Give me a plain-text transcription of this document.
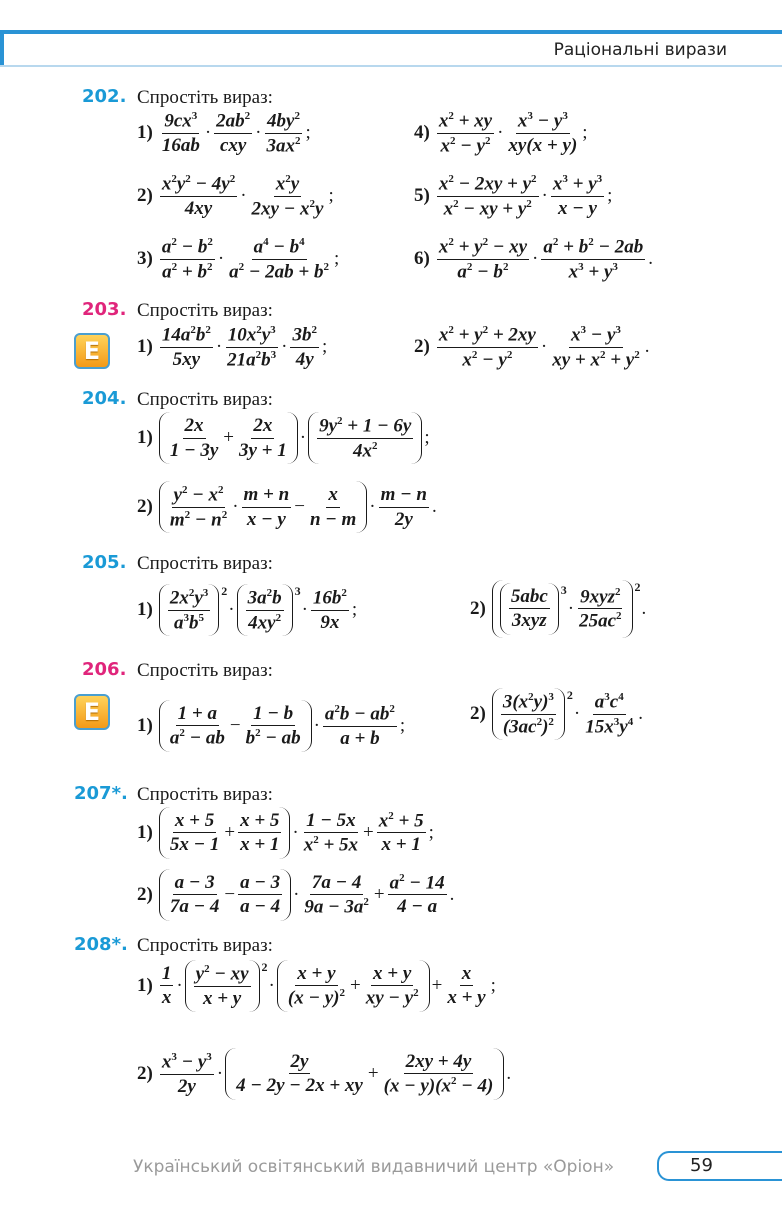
Раціональні вирази
202. Спростіть вираз:
$1) \frac{9cx^3}{16ab} \cdot \frac{2ab^2}{\text{cxy}} \cdot \frac{4by^2}{3ax^2}$ ;	$4) \frac{x^2 + xy}{x^2 - y^2} \cdot \frac{x^3 - y^3}{xy(x + y)}$ ;
$2) \frac{x^2y^2 - 4y^2}{4xy} \cdot \frac{x^2y}{2xy - x^2y}$ ;	$5) \frac{x^2 - 2xy + y^2}{x^2 - xy + y^2} \cdot \frac{x^3 + y^3}{x - y}$ ;
$3) \frac{a^2 - b^2}{a^2 + b^2} \cdot \frac{a^4 - b^4}{a^2 - 2ab + b^2}$ ;	$6) \frac{x^2 + y^2 - xy}{a^2 - b^2} \cdot \frac{a^2 + b^2 - 2ab}{x^3 + y^3}$ .
203. Спростіть вираз:
E	$1) \frac{14a^2b^2}{5xy} \cdot \frac{10x^2y^3}{21a^2b^3} \cdot \frac{3b^2}{4y}$ ;	$2) \frac{x^2 + y^2 + 2xy}{x^2 - y^2} \cdot \frac{x^3 - y^3}{xy + x^2 + y^2}$ .
204. Спростіть вираз:
$1) \frac{2x}{1 - 3y} + \frac{2x}{3y + 1} \cdot \frac{9y^2 + 1 - 6y}{4x^2}$ ;
$2) \frac{y^2 - x^2}{m^2 - n^2} \cdot \frac{m + n}{x - y} - \frac{x}{n - m} \cdot \frac{m - n}{2y}$ .
205. Спростіть вираз:
$1) \frac{2x^2y^3}{a^3b^5} 2$
· $\frac{3a^2b}{4xy^2} 3$
· $\frac{16b^2}{9x}$ ;	$2) \frac{\text{5abc}}{\text{3xyz}} 3$
· $\frac{9xyz^2}{25ac^2} 2$
.
206. Спростіть вираз:
E	$1) \frac{1 + a}{a^2 - ab} - \frac{1 - b}{b^2 - ab} \cdot \frac{a^2b - ab^2}{a + b}$ ;
$2) \frac{3(x^2y)^3}{(3ac^2)^2} 2$
· $\frac{a^3c^4}{15x^3y^4}$ .
207*. Спростіть вираз:
$1) \frac{x + 5}{5x - 1} + \frac{x + 5}{x + 1} \cdot \frac{1 - 5x}{x^2 + 5x} + \frac{x^2 + 5}{x + 1}$ ;
$2) \frac{a - 3}{7a - 4} - \frac{a - 3}{a - 4} \cdot \frac{7a - 4}{9a - 3a^2} + \frac{a^2 - 14}{4 - a}$ .
208*. Спростіть вираз:
$1) \frac{1}{x} \cdot \frac{y^2 - xy}{x + y} 2$
· $\frac{x + y}{(x - y)^2} + \frac{x + y}{xy - y^2} + \frac{x}{x + y}$ ;
$2) \frac{x^3 - y^3}{2y} \cdot \frac{2y}{4 - 2y - 2x + xy} + \frac{2xy + 4y}{(x - y)(x^2 - 4)}$ .
Український освітянський видавничий центр «Оріон»	59
